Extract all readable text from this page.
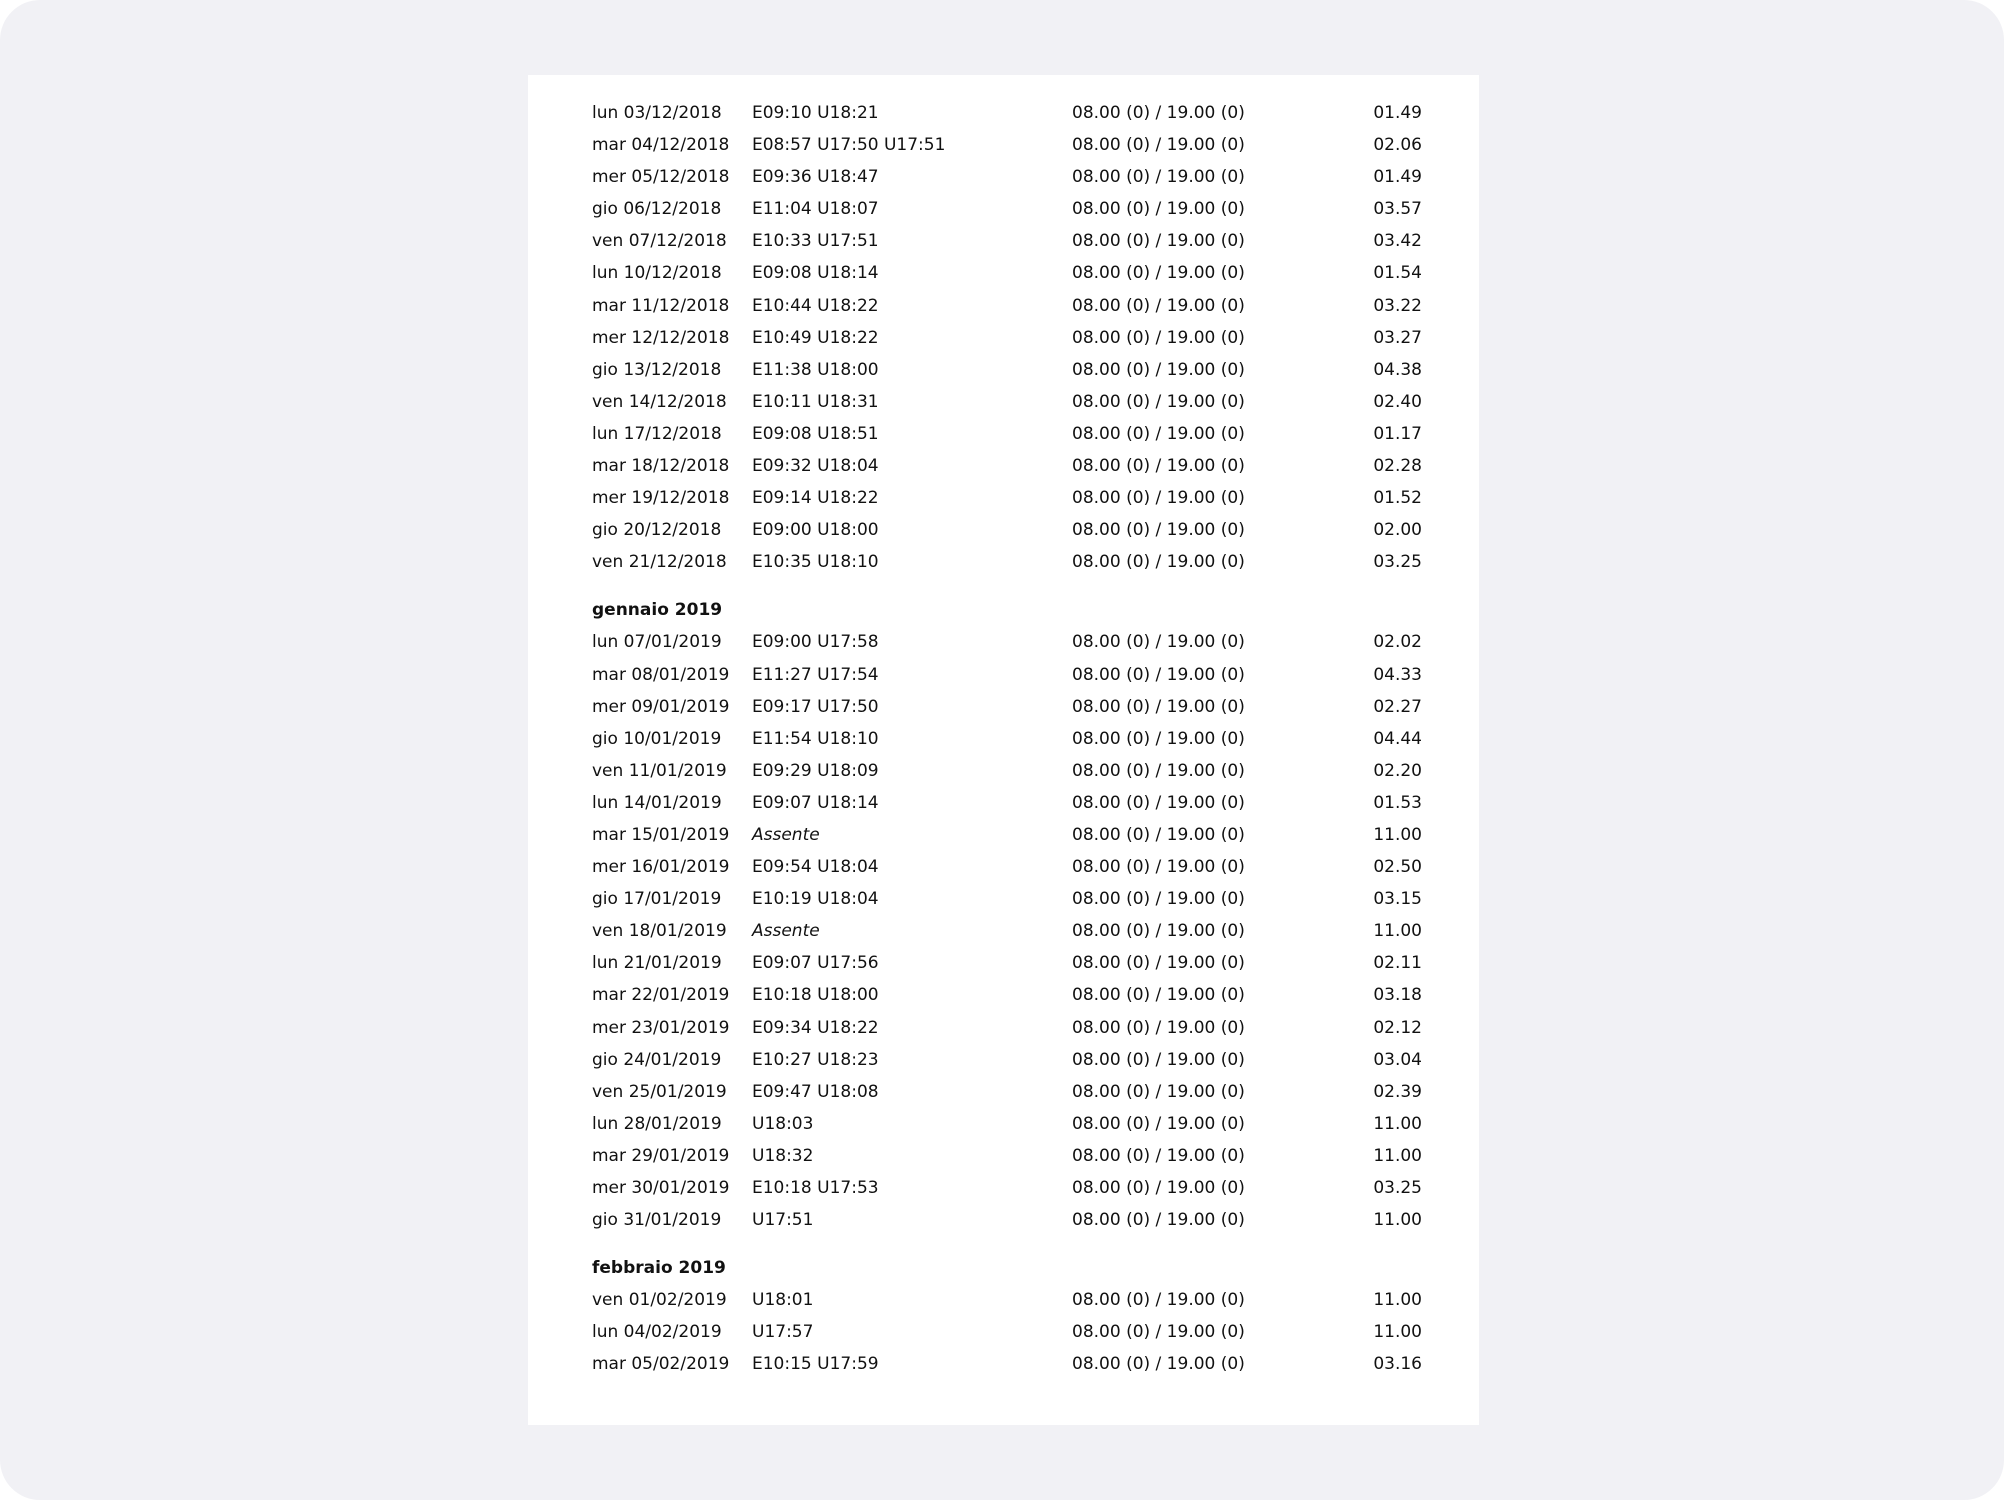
lun 03/12/2018 E09:10 U18:21	08.00 (0) / 19.00 (0)	01.49
mar 04/12/2018 E08:57 U17:50 U17:51	08.00 (0) / 19.00 (0)	02.06
mer 05/12/2018 E09:36 U18:47	08.00 (0) / 19.00 (0)	01.49
gio 06/12/2018 E11:04 U18:07	08.00 (0) / 19.00 (0)	03.57
ven 07/12/2018 E10:33 U17:51	08.00 (0) / 19.00 (0)	03.42
lun 10/12/2018 E09:08 U18:14	08.00 (0) / 19.00 (0)	01.54
mar 11/12/2018 E10:44 U18:22	08.00 (0) / 19.00 (0)	03.22
mer 12/12/2018 E10:49 U18:22	08.00 (0) / 19.00 (0)	03.27
gio 13/12/2018 E11:38 U18:00	08.00 (0) / 19.00 (0)	04.38
ven 14/12/2018 E10:11 U18:31	08.00 (0) / 19.00 (0)	02.40
lun 17/12/2018 E09:08 U18:51	08.00 (0) / 19.00 (0)	01.17
mar 18/12/2018 E09:32 U18:04	08.00 (0) / 19.00 (0)	02.28
mer 19/12/2018 E09:14 U18:22	08.00 (0) / 19.00 (0)	01.52
gio 20/12/2018 E09:00 U18:00	08.00 (0) / 19.00 (0)	02.00
ven 21/12/2018 E10:35 U18:10	08.00 (0) / 19.00 (0)	03.25
gennaio 2019
lun 07/01/2019 E09:00 U17:58	08.00 (0) / 19.00 (0)	02.02
mar 08/01/2019 E11:27 U17:54	08.00 (0) / 19.00 (0)	04.33
mer 09/01/2019 E09:17 U17:50	08.00 (0) / 19.00 (0)	02.27
gio 10/01/2019 E11:54 U18:10	08.00 (0) / 19.00 (0)	04.44
ven 11/01/2019 E09:29 U18:09	08.00 (0) / 19.00 (0)	02.20
lun 14/01/2019 E09:07 U18:14	08.00 (0) / 19.00 (0)	01.53
mar 15/01/2019 Assente	08.00 (0) / 19.00 (0)	11.00
mer 16/01/2019 E09:54 U18:04	08.00 (0) / 19.00 (0)	02.50
gio 17/01/2019 E10:19 U18:04	08.00 (0) / 19.00 (0)	03.15
ven 18/01/2019 Assente	08.00 (0) / 19.00 (0)	11.00
lun 21/01/2019 E09:07 U17:56	08.00 (0) / 19.00 (0)	02.11
mar 22/01/2019 E10:18 U18:00	08.00 (0) / 19.00 (0)	03.18
mer 23/01/2019 E09:34 U18:22	08.00 (0) / 19.00 (0)	02.12
gio 24/01/2019 E10:27 U18:23	08.00 (0) / 19.00 (0)	03.04
ven 25/01/2019 E09:47 U18:08	08.00 (0) / 19.00 (0)	02.39
lun 28/01/2019 U18:03	08.00 (0) / 19.00 (0)	11.00
mar 29/01/2019 U18:32	08.00 (0) / 19.00 (0)	11.00
mer 30/01/2019 E10:18 U17:53	08.00 (0) / 19.00 (0)	03.25
gio 31/01/2019 U17:51	08.00 (0) / 19.00 (0)	11.00
febbraio 2019
ven 01/02/2019 U18:01	08.00 (0) / 19.00 (0)	11.00
lun 04/02/2019 U17:57	08.00 (0) / 19.00 (0)	11.00
mar 05/02/2019 E10:15 U17:59	08.00 (0) / 19.00 (0)	03.16
